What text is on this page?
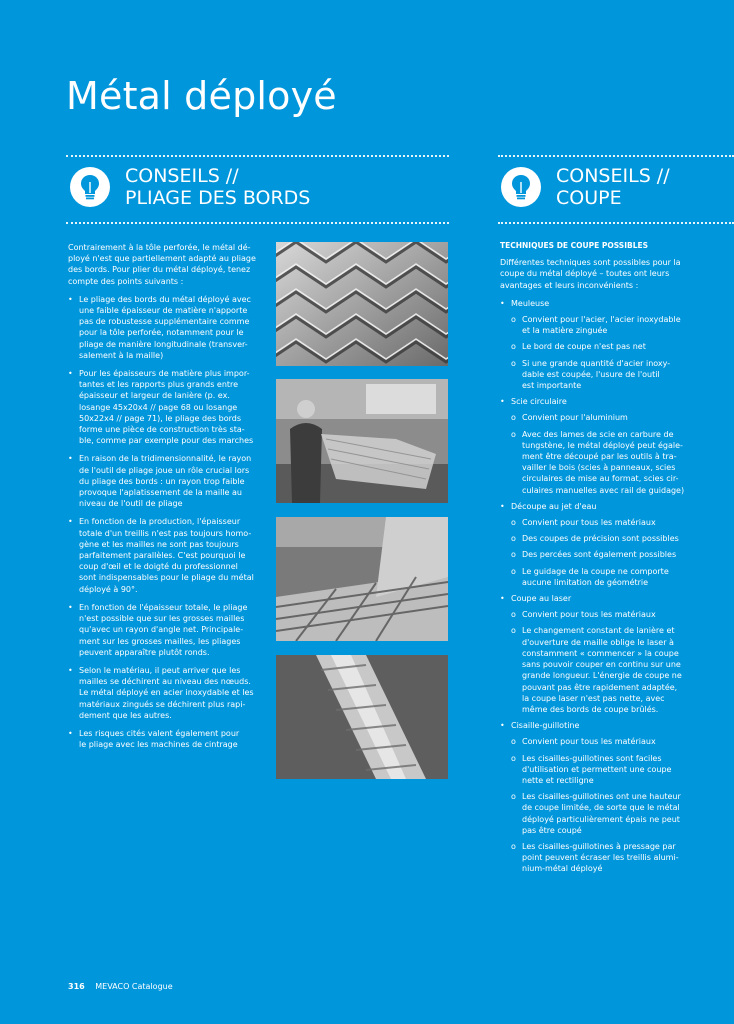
Métal déployé
CONSEILS //
PLIAGE DES BORDS
CONSEILS //
COUPE

Contrairement à la tôle perforée, le métal dé-
ployé n'est que partiellement adapté au pliage
des bords. Pour plier du métal déployé, tenez
compte des points suivants :

• Le pliage des bords du métal déployé avec
une faible épaisseur de matière n'apporte
pas de robustesse supplémentaire comme
pour la tôle perforée, notamment pour le
pliage de manière longitudinale (transver-
salement à la maille)
• Pour les épaisseurs de matière plus impor-
tantes et les rapports plus grands entre
épaisseur et largeur de lanière (p. ex.
losange 45x20x4 // page 68 ou losange
50x22x4 // page 71), le pliage des bords
forme une pièce de construction très sta-
ble, comme par exemple pour des marches
• En raison de la tridimensionnalité, le rayon
de l'outil de pliage joue un rôle crucial lors
du pliage des bords : un rayon trop faible
provoque l'aplatissement de la maille au
niveau de l'outil de pliage
• En fonction de la production, l'épaisseur
totale d'un treillis n'est pas toujours homo-
gène et les mailles ne sont pas toujours
parfaitement parallèles. C'est pourquoi le
coup d'œil et le doigté du professionnel
sont indispensables pour le pliage du métal
déployé à 90°.
• En fonction de l'épaisseur totale, le pliage
n'est possible que sur les grosses mailles
qu'avec un rayon d'angle net. Principale-
ment sur les grosses mailles, les pliages
peuvent apparaître plutôt ronds.
• Selon le matériau, il peut arriver que les
mailles se déchirent au niveau des nœuds.
Le métal déployé en acier inoxydable et les
matériaux zingués se déchirent plus rapi-
dement que les autres.
• Les risques cités valent également pour
le pliage avec les machines de cintrage
TECHNIQUES DE COUPE POSSIBLES

Différentes techniques sont possibles pour la
coupe du métal déployé – toutes ont leurs
avantages et leurs inconvénients :

• Meuleuse
o Convient pour l'acier, l'acier inoxydable
et la matière zinguée
o Le bord de coupe n'est pas net
o Si une grande quantité d'acier inoxy-
dable est coupée, l'usure de l'outil
est importante
• Scie circulaire
o Convient pour l'aluminium
o Avec des lames de scie en carbure de
tungstène, le métal déployé peut égale-
ment être découpé par les outils à tra-
vailler le bois (scies à panneaux, scies
circulaires de mise au format, scies cir-
culaires manuelles avec rail de guidage)
• Découpe au jet d'eau
o Convient pour tous les matériaux
o Des coupes de précision sont possibles
o Des percées sont également possibles
o Le guidage de la coupe ne comporte
aucune limitation de géométrie
• Coupe au laser
o Convient pour tous les matériaux
o Le changement constant de lanière et
d'ouverture de maille oblige le laser à
constamment « commencer » la coupe
sans pouvoir couper en continu sur une
grande longueur. L'énergie de coupe ne
pouvant pas être rapidement adaptée,
la coupe laser n'est pas nette, avec
même des bords de coupe brûlés.
• Cisaille-guillotine
o Convient pour tous les matériaux
o Les cisailles-guillotines sont faciles
d'utilisation et permettent une coupe
nette et rectiligne
o Les cisailles-guillotines ont une hauteur
de coupe limitée, de sorte que le métal
déployé particulièrement épais ne peut
pas être coupé
o Les cisailles-guillotines à pressage par
point peuvent écraser les treillis alumi-
nium-métal déployé
316 MEVACO Catalogue
